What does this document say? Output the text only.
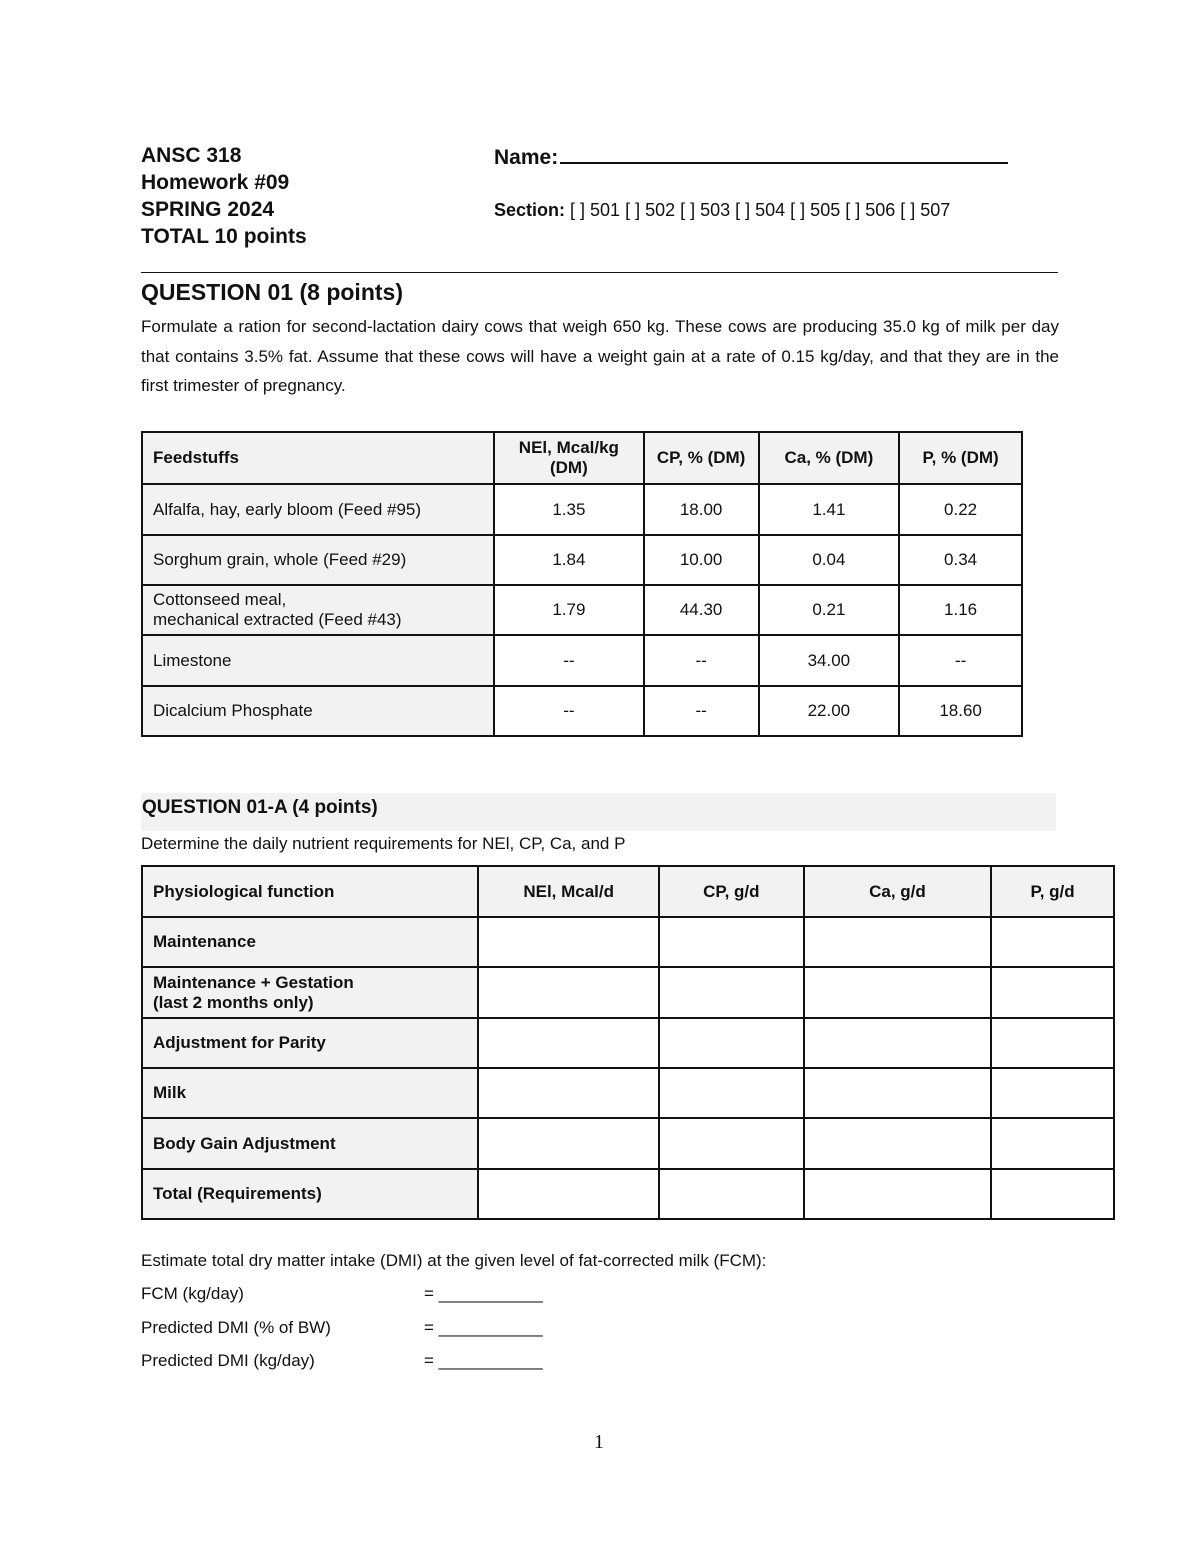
ANSC 318
Homework #09
SPRING 2024
TOTAL 10 points
Name:
Section: [ ] 501 [ ] 502 [ ] 503 [ ] 504 [ ] 505 [ ] 506 [ ] 507
QUESTION 01 (8 points)
Formulate a ration for second-lactation dairy cows that weigh 650 kg. These cows are producing 35.0 kg of milk per day that contains 3.5% fat. Assume that these cows will have a weight gain at a rate of 0.15 kg/day, and that they are in the first trimester of pregnancy.
Feedstuffs	NEl, Mcal/kg (DM)	CP, % (DM)	Ca, % (DM)	P, % (DM)
Alfalfa, hay, early bloom (Feed #95)	1.35	18.00	1.41	0.22
Sorghum grain, whole (Feed #29)	1.84	10.00	0.04	0.34

Cottonseed meal,
mechanical extracted (Feed #43)	1.79	44.30	0.21	1.16
Limestone	--	--	34.00	--
Dicalcium Phosphate	--	--	22.00	18.60
QUESTION 01-A (4 points)
Determine the daily nutrient requirements for NEl, CP, Ca, and P
Physiological function	NEl, Mcal/d	CP, g/d	Ca, g/d	P, g/d
Maintenance				

Maintenance + Gestation
(last 2 months only)				

Adjustment for Parity				
Milk				
Body Gain Adjustment				
Total (Requirements)				
Estimate total dry matter intake (DMI) at the given level of fat-corrected milk (FCM):
FCM (kg/day)	= ___________
Predicted DMI (% of BW)	= ___________
Predicted DMI (kg/day)	= ___________
1
